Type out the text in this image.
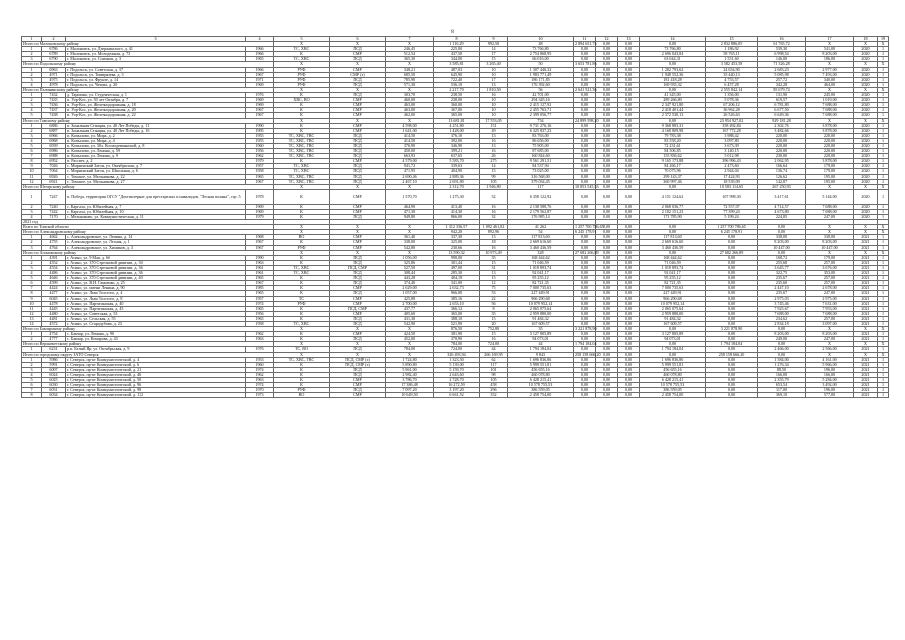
8
1	2	3	4	5	6	7	8	9	10	11	12	13	14	15	16	17	18	19
Итого по Малоновскому району				X	X	X	1 116,29	992,50	48	2 894 651,75	0,00	0,00	0,00	2 832 886,05	61 765,72	X	X	X
1	6786	г. Малоновск, ул. Дзержинского, д. 41	1966	ТС, ХВС	ПСД	246,45	225,00	14	73 766,80	0,00	0,00	0,00	73 766,80	1 186,92	539,30	541,00	2020	1
2	6789	г. Малоновск, ул. Молодежная, д. 73	1966	К	СМР	512,54	437,50	17	2 754 868,95	0,00	0,00	0,00	2 696 043,84	58 765,11	6 998,54	8 203,00	2020	1
3	6790	г. Малоновск, ул. Спичная, д. 3	1965	ТС, ХВС	ПСД	365,30	344,00	15	66 016,00	0,00	0,00	0,00	63 044,31	1 551,60	146,00	186,00	2020	1
Итого по Подольскому району				X	X	X	3 585,81	3 265,40	50	3 653 781,86	0,00	0,00	0,00	3 582 453,58	71 326,28	X	X	X
1	6963	г. Подольск, ул. Советская, д. 37	1966	РУФ	СМР	348,21	487,03	10	1 307 446,32	0,00	0,00	0,00	1 282 793,62	24 654,90	2 683,23	2 977,00	2020	1
2	4971	г. Подольск, ул. Тимирязева, д. 3	1967	РУФ	СМР (э)	685,50	645,90	10	1 983 771,49	0,00	0,00	0,00	1 948 552,36	35 440,13	5 085,98	7 493,00	2020	1
3	4975	г. Подольск, ул. Фрунзе, д. 14	1971	РУФ	ПСД	785,90	722,40	17	186 171,85	0,00	0,00	0,00	181 418,28	4 753,57	257,72	340,00	2020	1
4	4978	г. Подольск, ул. Чехова, д. 20	1969	РУФ	ПСД	571,30	536,10	13	176 392,60	0,00	0,00	0,00	169 935,32	6 457,28	342,28	464,00	2020	1
Итого по Палининскому району				X	X	X	2 217,70	1 810,50	56	2 641 521,56	0,00	0,00	0,00	2 555 842,14	85 679,74	X	X	X
1	7432	д. Таршино, ул. Студенческая, д. 1	1976	К	ПСД	303,70	238,50	16	42 701,00	0,00	0,00	0,00	41 345,00	1 356,00	131,90	245,00	2020	1
2	7435	п. Уор-Кос, ул. 50 лет Октября, д. 7	1969	ХВС, ВО	СМР	460,00	238,00	10	294 345,16	0,00	0,00	0,00	289 266,80	5 078,36	619,57	1 019,00	2020	1
3	7436	п. Уор-Кос, ул. Железнодорожная, д. 18	1969	К	СМР	463,00	360,00	10	2 415 127,92	0,00	0,00	0,00	2 347 921,80	67 206,12	6 781,80	7 688,00	2020	1
4	7437	п. Уор-Кос, ул. Железнодорожная, д. 20	1967	К	СМР	463,00	367,00	10	2 455 763,71	0,00	0,00	0,00	2 418 401,44	36 962,28	6 677,50	7 688,00	2020	1
5	7438	п. Уор-Кос, ул. Железнодорожная, д. 22	1967	К	СМР	462,00	365,00	10	2 399 056,77	0,00	0,00	0,00	2 372 530,13	26 526,63	6 649,36	7 688,00	2020	1
Итого по Томскому району				X	X	X	13 681,81	17 553,05	754	24 899 598,20	0,00	0,00	0,00	23 954 927,02	929 181,28	X	X	X
1	6886	п. Зональная Станция, ул. 40 Лет Победы, д. 11	1990	К	СМР	4 598,00	4 251,80	151	9 731 276,16	0,00	0,00	0,00	9 368 883,31	358 492,84	2 302,76	3 878,00	2020	1
2	6887	п. Зональная Станция, ул. 40 Лет Победы, д. 16	1995	К	СМР	1 641,00	1 428,00	49	6 325 837,23	0,00	0,00	0,00	4 168 809,98	167 772,28	3 482,66	3 878,00	2020	1
3	6966	п. Копылово, ул. Мира, д. 2	1955	ТС, ХВС, ГВС	ПСД	414,50	376,10	13	83 763,00	0,00	0,00	0,00	79 783,38	3 988,42	220,00	220,00	2020	1
4	6968	п. Копылово, ул. Мира, д. 4	1955	ТС, ХВС, ГВС	ПСД	414,50	392,00	16	86 656,00	0,00	0,00	0,00	83 558,20	3 097,80	220,00	220,00	2020	1
5	6939	п. Копылово, ул. 30л. Космодемьянской, д. 8	1960	ТС, ХВС, ГВС	ПСД	376,90	346,90	13	75 905,00	0,00	0,00	0,00	72 231,61	3 673,39	220,00	220,00	2020	1
6	6986	п. Копылово, ул. Ленина, д. 59	1956	ТС, ХВС, ГВС	ПСД	450,00	399,21	16	87 685,00	0,00	0,00	0,00	84 506,85	3 140,15	220,00	220,00	2020	1
7	6988	п. Копылово, ул. Ленина, д. 9	1962	ТС, ХВС, ГВС	ПСД	663,93	637,65	26	160 844,60	0,00	0,00	0,00	155 836,62	5 012,98	230,00	220,00	2020	1
8	6952	п. Рассвет, д. 2	1979	К	СМР	4 579,00	5 583,70	275	9 561 291,51	0,00	0,00	0,00	9 165 173,88	396 996,43	2 062,95	3 878,00	2020	1
9	7026	с. Мирненский Затон, ул. Октябрьская, д. 7	1957	ТС, ХВС	ПСД	941,72	339,63	14	84 537,94	0,00	0,00	0,00	84 266,17	2 473,60	166,64	179,00	2020	1
10	7064	с. Мирненский Затон, ул. Школьная, д. 6	1958	ТС, ХВС	ПСД	471,95	404,90	15	73 025,00	0,00	0,00	0,00	70 075,96	2 944,04	136,74	179,00	2020	1
11	6926	с. Томское, ул. Мельникова, д. 22	1965	ТС, ХВС, ГВС	ПСД	2 690,46	2 889,36	99	316 568,00	0,00	0,00	0,00	299 143,37	17 424,93	126,62	195,00	2020	1
12	6921	с. Томское, ул. Мельникова, д. 27	1967	ТС, ХВС, ГВС	ПСД	2 467,10	2 691,80	105	379 034,45	0,00	0,00	0,00	360 997,46	18 539,09	142,87	195,00	2020	1
Итого по Шегарскому району				X	X	X	2 312,70	1 946,80	117	10 853 545,53	0,00	0,00	0,00	10 583 114,65	267 250,93	X	X	X
1	7247	п. Победа, территория ОГСУ "Дом-интернат для престарелых и инвалидов, "Лесная поляна", стр. 5	1978	К	СМР	1 570,70	1 275,30	52	6 358 122,92	0,00	0,00	0,00	4 151 124,62	107 998,30	3 417,61	5 144,00	2020	1
2	7240	с. Каргала, ул. Юбилейная, д. 7	1969	К	СМР	464,90	413,40	16	2 138 588,76	0,00	0,00	0,00	2 068 036,77	72 557,07	4 714,57	7 688,00	2020	1
3	7242	с. Каргала, ул. Юбилейная, д. 10	1969	К	СМР	471,30	414,30	16	2 179 562,87	0,00	0,00	0,00	2 102 151,23	77 399,24	4 673,80	7 688,00	2020	1
4	7170	с. Мельниково, ул. Коммунистическая, д. 11	1979	К	ПСД	949,80	866,00	32	176 985,14	0,00	0,00	0,00	171 785,90	5 199,24	224,85	247,00	2020	1
2021 год																		
Всего по Томской области				X	X	X	1 312 336,57	1 092 461,02	41 262	1 257 700 786,65	0,00	0,00	0,00	1 257 700 786,65	0,00	X	X	X
Итого по Александровскому району				X	X	X	942,20	892,96	54	6 245 178,91	0,00	0,00	0,00	6 245 178,91	0,00	X	X	X
1	4662	с. Александровское, ул. Ленина, д. 14	1968	ВО	СМР	361,40	337,30	13	117 813,60	0,00	0,00	0,00	117 813,60	0,00	338,00	338,00	2021	1
2	4755	с. Александровское, ул. Лесная, д. 1	1967	К	СМР	338,00	325,00	18	2 669 616,60	0,00	0,00	0,00	2 669 616,60	0,00	8 203,00	8 203,00	2021	1
3	4764	с. Александровское, ул. Химиков, д. 3	1967	РУФ	СМР	542,80	230,66	16	3 460 436,59	0,00	0,00	0,00	3 460 436,59	0,00	10 447,00	10 447,00	2021	1
Итого по Асиновскому району				X	X	X	13 590,32	10 973,49	328	27 682 266,89	0,00	0,00	0,00	27 682 266,89	0,00	X	X	X
1	4391	г. Асино, ул. 9 Мая, д. 6б	1990	К	ПСД	1 056,00	998,00	35	168 444,62	0,00	0,00	0,00	168 444,62	0,00	168,72	179,00	2021	1
2	4552	г. Асино, ул. 370 Стрелковой дивизии, д. 30	1963	К	ПСД	325,86	301,44	15	71 046,59	0,00	0,00	0,00	71 046,59	0,00	255,68	257,00	2021	1
3	4554	г. Асино, ул. 370 Стрелковой дивизии, д. 36	1961	ТС, ХВС	ПСД, СМР	527,50	497,00	31	1 018 893,74	0,00	0,00	0,00	1 018 893,74	0,00	3 645,77	3 676,00	2021	1
4	4486	г. Асино, ул. 370 Стрелковой дивизии, д. 36	1961	ТС, ХВС	ПСД	308,44	285,30	13	92 041,17	0,00	0,00	0,00	92 041,17	0,00	322,75	353,00	2021	1
5	4646	г. Асино, ул. 370 Стрелковой дивизии, д. 40	1965	К	ПСД	443,28	404,18	15	95 255,12	0,00	0,00	0,00	95 255,12	0,00	235,67	257,00	2021	1
6	4599	г. Асино, ул. В.Н. Ганненко, д. 25	1967	К	ПСД	374,40	341,00	12	82 721,35	0,00	0,00	0,00	82 721,35	0,00	235,60	257,00	2021	1
7	4424	г. Асино, ул. имени Ленина, д. 90	1985	К	СМР	2 629,00	2 632,73	75	7 000 735,63	0,00	0,00	0,00	7 000 735,63	0,00	2 447,10	2 678,00	2021	1
8	4477	г. Асино, ул. Льва Толстого, д. 4	1965	К	ПСД	1 057,00	966,00	53	227 449,91	0,00	0,00	0,00	227 449,91	0,00	235,67	247,00	2021	1
9	6045	г. Асино, ул. Льва Толстого, д. 8	1957	ТС	СМР	425,88	385,16	22	966 290,68	0,00	0,00	0,00	966 290,68	0,00	2 975,03	2 975,00	2021	1
10	4478	г. Асино, ул. Партизанская, д. 40	1974	РУФ	СМР	2 700,00	2 653,10	56	10 079 952,14	0,00	0,00	0,00	10 079 952,14	0,00	3 745,46	7 631,00	2021	1
11	4445	г. Асино, ул. Партизанская, д. 45	1965	К	ПСД, СМР	437,77	366,12	8	2 065 075,64	0,00	0,00	0,00	2 065 075,64	0,00	7 925,67	7 953,00	2021	1
12	4480	г. Асино, ул. Советская, д. 53	1956	К	СМР	405,60	365,00	35	2 959 880,00	0,00	0,00	0,00	2 959 880,00	0,00	7 688,00	7 688,00	2021	1
13	4481	г. Асино, ул. Сельская, д. 55	1965	К	ПСД	431,30	388,10	15	91 484,32	0,00	0,00	0,00	91 484,32	0,00	234,62	257,00	2021	1
14	4572	г. Асино, ул. Стародубова, д. 23	1958	ТС, ХВС	ПСД	542,90	521,90	20	167 609,57	0,00	0,00	0,00	167 609,57	0,00	2 834,18	3 097,00	2021	1
Итого по Бакчарскому району				X	X	X	876,50	752,80	35	3 221 878,90	0,00	0,00	0,00	3 221 878,90	0,00	X	X	X
1	4754	с. Бакчар, ул. Ленина, д. 90	1962	К	СМР	424,50	381,90	15	3 127 805,89	0,00	0,00	0,00	3 127 805,89	0,00	8 203,00	8 203,00	2021	1
2	4777	с. Бакчар, ул. Комарова, д. 43	1963	К	ПСД	452,00	370,90	16	94 073,01	0,00	0,00	0,00	94 073,01	0,00	249,00	247,00	2021	1
Итого по Верхнекетскому району				X	X	X	784,00	724,00	44	1 794 184,04	0,00	0,00	0,00	1 794 184,04	0,00	X	X	X
1	6231	р.п. Белый Яр, ул. Октябрьская, д. 9	1976	ТС, ВО	ПСД	784,00	724,00	44	1 794 184,04	0,00	0,00	0,00	1 794 184,04	0,00	2 466,00	2 566,00	2021	1
Итого по городскому округу ЗАТО Северск				X	X	X	326 493,94	266 169,95	9 843	258 158 666,20	0,00	0,00	0,00	258 158 666,20	0,00	X	X	X
1	5986	г. Северск, пр-кт Коммунистический, д. 4	1953	ТС, ХВС, ГВС	ПСД, СМР (э)	1 724,80	1 323,50	62	1 696 836,86	0,00	0,00	0,00	1 696 836,86	0,00	1 584,00	4 161,00	2021	1
2	5991	г. Северск, пр-кт Коммунистический, д. 6	1960	К	ПСД, СМР (э)	5 890,80	5 139,00	117	5 999 551,81	0,00	0,00	0,00	5 999 551,81	0,00	1 276,34	5 966,00	2021	1
3	6007	г. Северск, пр-кт Коммунистический, д. 21	1974	К	ПСД	5 961,00	5 159,70	101	456 655,16	0,00	0,00	0,00	456 655,16	0,00	88,50	196,00	2021	1
4	6024	г. Северск, пр-кт Коммунистический, д. 46	1962	К	ПСД	2 982,40	2 643,60	98	460 078,80	0,00	0,00	0,00	460 078,80	0,00	166,00	166,00	2021	1
5	6025	г. Северск, пр-кт Коммунистический, д. 50	1963	К	СМР	3 786,70	2 728,70	105	6 428 215,41	0,00	0,00	0,00	6 428 215,41	0,00	2 355,79	5 284,00	2021	1
6	6030	г. Северск, пр-кт Коммунистический, д. 96	1974	К	СМР	17 386,48	16 272,59	458	10 578 755,53	0,00	0,00	0,00	10 578 755,53	0,00	653,54	3 492,00	2021	1
7	6031	г. Северск, пр-кт Коммунистический, д. 98	1970	РУФ	ПСД	7 097,20	3 197,20	296	386 559,05	0,00	0,00	0,00	386 559,05	0,00	117,00	196,00	2021	1
8	6034	г. Северск, пр-кт Коммунистический, д. 112	1973	ВО	СМР	10 649,50	6 661,52	352	2 458 754,00	0,00	0,00	0,00	2 458 754,00	0,00	369,10	577,00	2021	1
